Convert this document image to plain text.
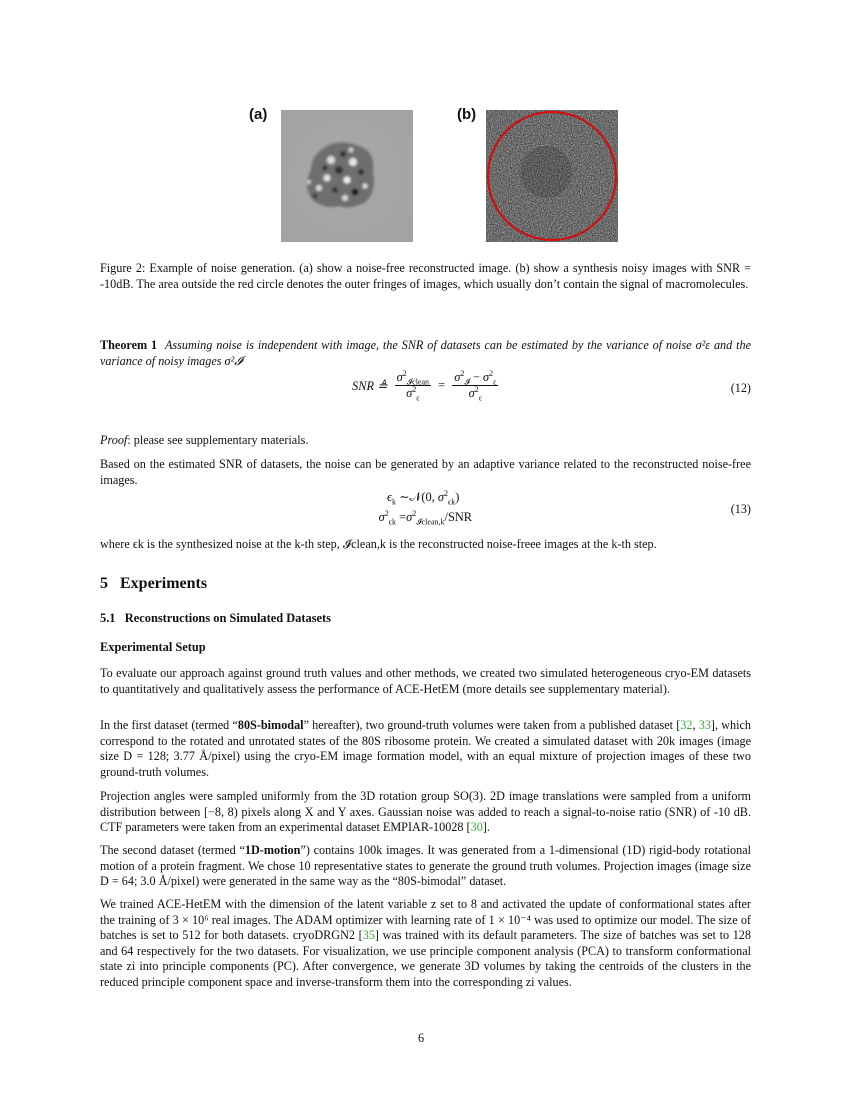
(a)	(b)
Figure 2: Example of noise generation. (a) show a noise-free reconstructed image. (b) show a synthesis noisy images with SNR = -10dB. The area outside the red circle denotes the outer fringes of images, which usually don’t contain the signal of macromolecules.
Theorem 1 Assuming noise is independent with image, the SNR of datasets can be estimated by the variance of noise σ²ε and the variance of noisy images σ²𝓘
SNR ≜
$\sigma^2_{𝓘clean}$
$\sigma^2_\varepsilon$
=
$\sigma^2_𝓘 - \sigma^2_\varepsilon$
$\sigma^2_\varepsilon$
(12)
Proof: please see supplementary materials.
Based on the estimated SNR of datasets, the noise can be generated by an adaptive variance related to the reconstructed noise-free images.
$\epsilon_k$ ∼𝒩(0, $\sigma^2_{\epsilon k}$)
$\sigma^2_{\epsilon k} =\sigma^2_{𝓘clean,k}/SNR$
(13)
where ϵk is the synthesized noise at the k-th step, 𝓘clean,k is the reconstructed noise-freee images at the k-th step.
5 Experiments
5.1 Reconstructions on Simulated Datasets
Experimental Setup
To evaluate our approach against ground truth values and other methods, we created two simulated heterogeneous cryo-EM datasets to quantitatively and qualitatively assess the performance of ACE-HetEM (more details see supplementary material).
In the first dataset (termed “80S-bimodal” hereafter), two ground-truth volumes were taken from a published dataset [32, 33], which correspond to the rotated and unrotated states of the 80S ribosome protein. We created a simulated dataset with 20k images (image size D = 128; 3.77 Å/pixel) using the cryo-EM image formation model, with an equal mixture of projection images of these two ground-truth volumes.
Projection angles were sampled uniformly from the 3D rotation group SO(3). 2D image translations were sampled from a uniform distribution between [−8, 8) pixels along X and Y axes. Gaussian noise was added to reach a signal-to-noise ratio (SNR) of -10 dB. CTF parameters were taken from an experimental dataset EMPIAR-10028 [30].
The second dataset (termed “1D-motion”) contains 100k images. It was generated from a 1-dimensional (1D) rigid-body rotational motion of a protein fragment. We chose 10 representative states to generate the ground truth volumes. Projection images (image size D = 64; 3.0 Å/pixel) were generated in the same way as the “80S-bimodal” dataset.
We trained ACE-HetEM with the dimension of the latent variable z set to 8 and activated the update of conformational states after the training of 3 × 10⁶ real images. The ADAM optimizer with learning rate of 1 × 10⁻⁴ was used to optimize our model. The size of batches is set to 512 for both datasets. cryoDRGN2 [35] was trained with its default parameters. The size of batches was set to 128 and 64 respectively for the two datasets. For visualization, we use principle component analysis (PCA) to transform conformational state zi into principle components (PC). After convergence, we generate 3D volumes by taking the centroids of the clusters in the reduced principle component space and inverse-transform them into the corresponding zi values.
6
